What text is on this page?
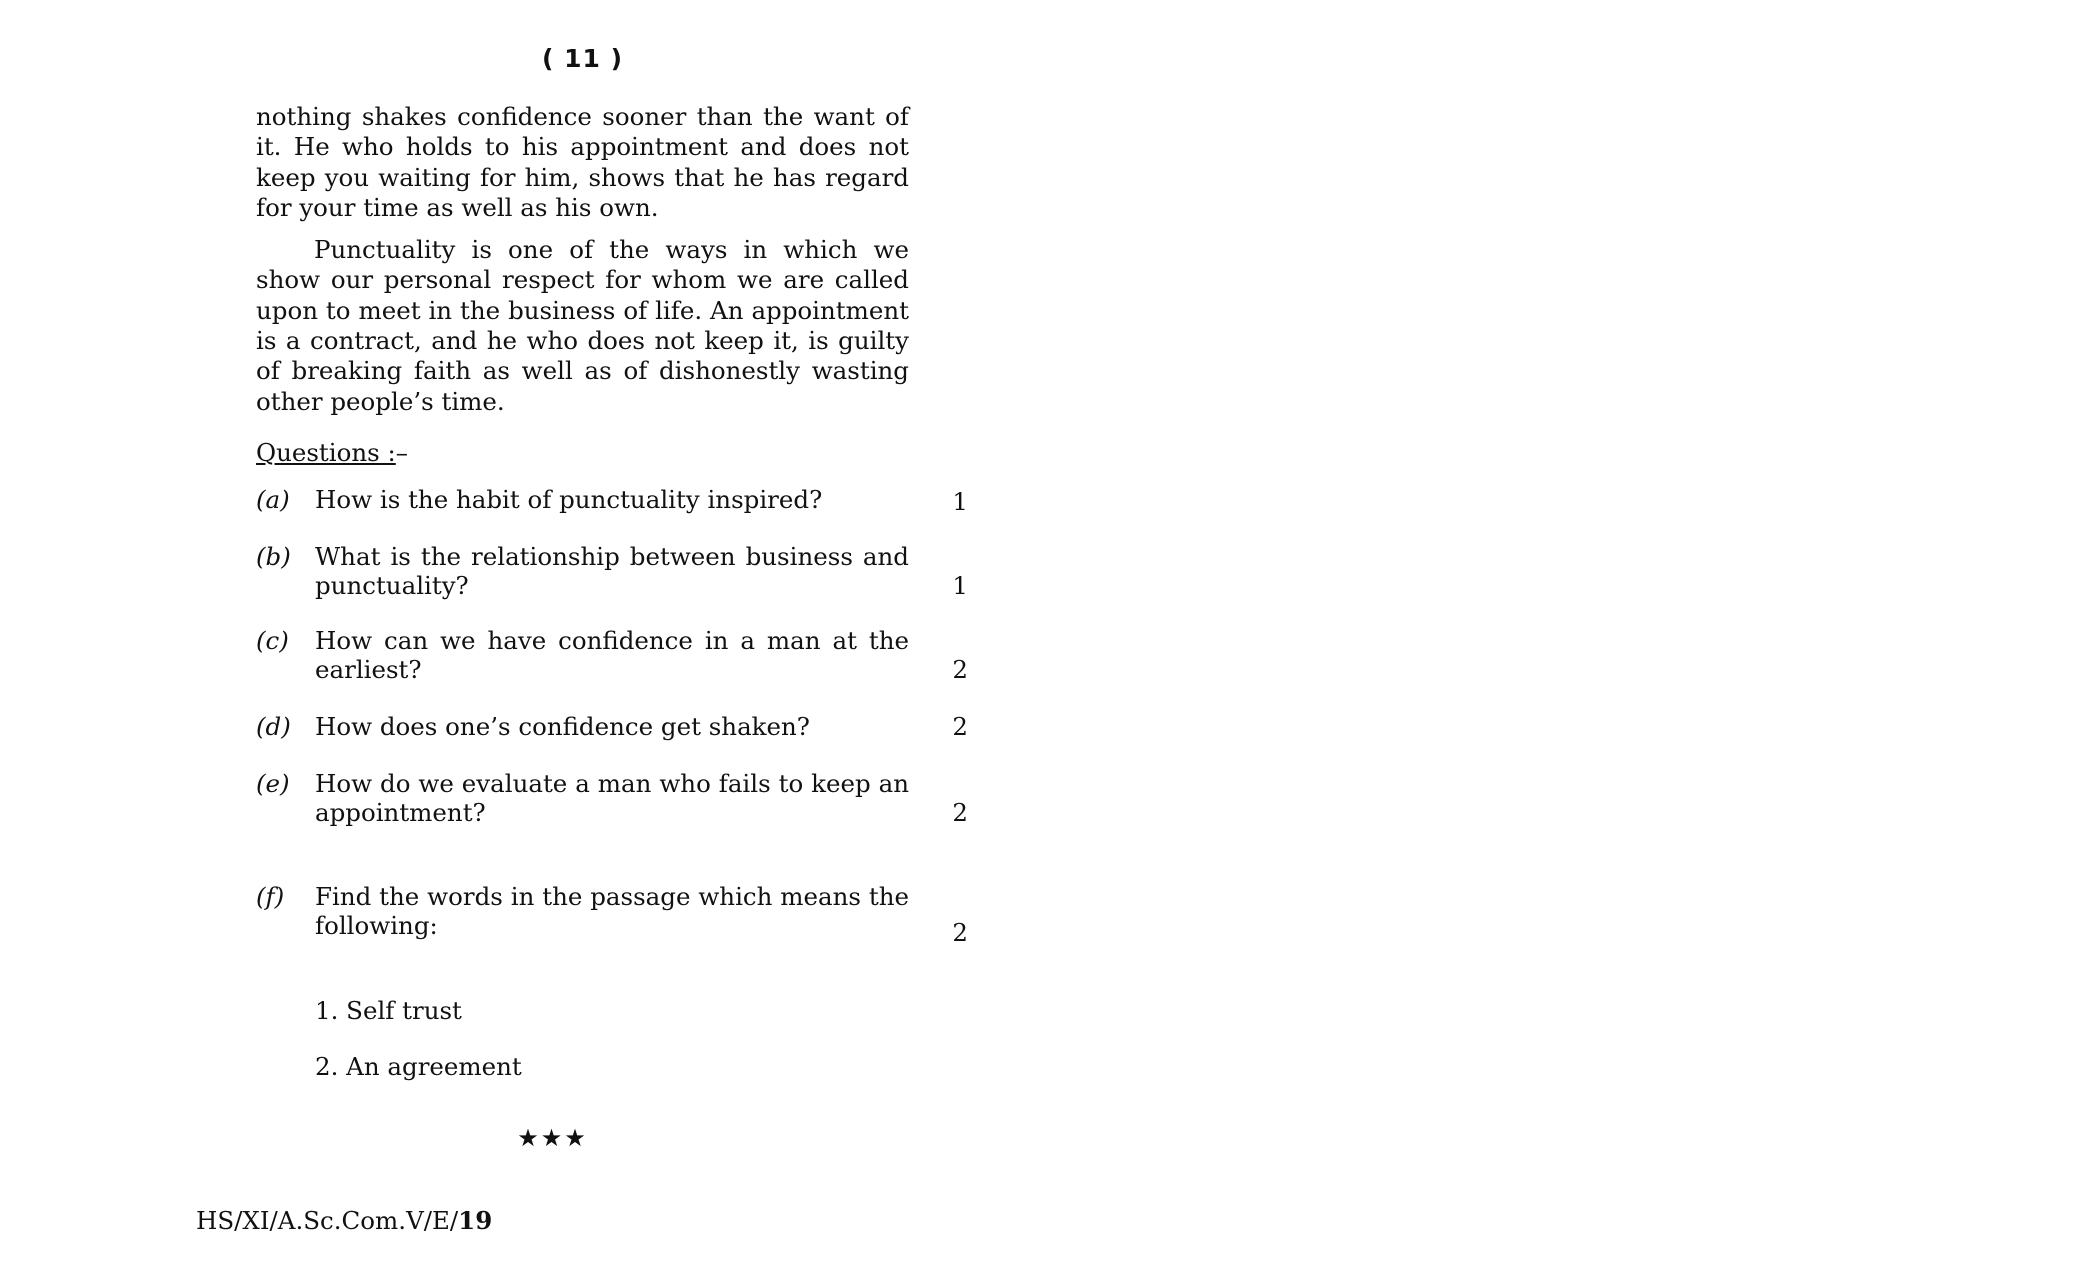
( 11 )

nothing shakes confidence sooner than the want of it. He who holds to his appointment and does not keep you waiting for him, shows that he has regard for your time as well as his own.

Punctuality is one of the ways in which we show our personal respect for whom we are called upon to meet in the business of life. An appointment is a contract, and he who does not keep it, is guilty of breaking faith as well as of dishonestly wasting other people’s time.

Questions :–
(a) How is the habit of punctuality inspired?	1
(b) What is the relationship between business and punctuality?	1
(c) How can we have confidence in a man at the earliest?	2
(d) How does one’s confidence get shaken?	2
(e) How do we evaluate a man who fails to keep an appointment?	2
(f) Find the words in the passage which means the following:	2
1. Self trust
2. An agreement
★★★
HS/XI/A.Sc.Com.V/E/19
